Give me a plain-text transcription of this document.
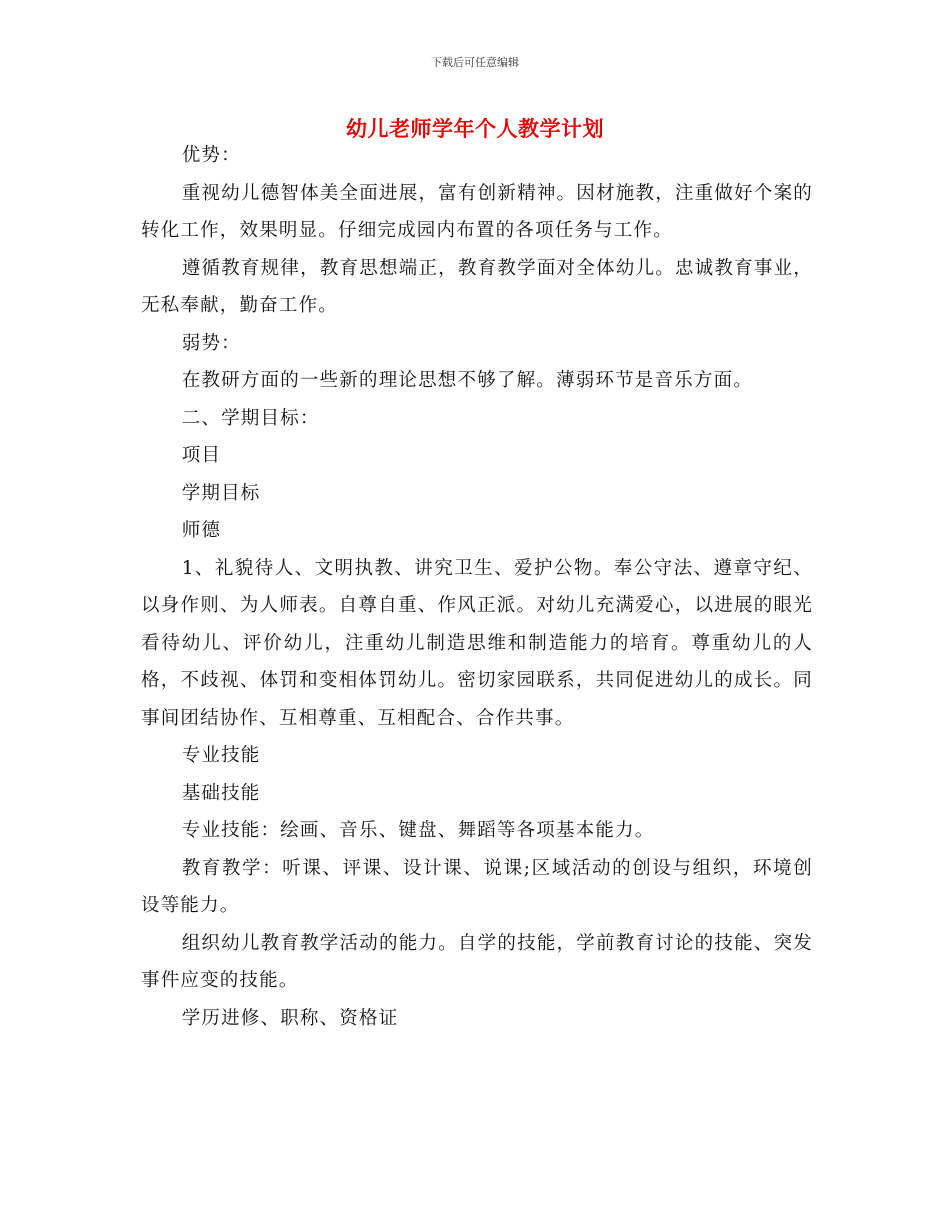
下载后可任意编辑
幼儿老师学年个人教学计划

优势：

重视幼儿德智体美全面进展，富有创新精神。因材施教，注重做好个案的转化工作，效果明显。仔细完成园内布置的各项任务与工作。

遵循教育规律，教育思想端正，教育教学面对全体幼儿。忠诚教育事业，无私奉献，勤奋工作。

弱势：

在教研方面的一些新的理论思想不够了解。薄弱环节是音乐方面。

二、学期目标：

项目

学期目标

师德

1、礼貌待人、文明执教、讲究卫生、爱护公物。奉公守法、遵章守纪、以身作则、为人师表。自尊自重、作风正派。对幼儿充满爱心，以进展的眼光看待幼儿、评价幼儿，注重幼儿制造思维和制造能力的培育。尊重幼儿的人格，不歧视、体罚和变相体罚幼儿。密切家园联系，共同促进幼儿的成长。同事间团结协作、互相尊重、互相配合、合作共事。

专业技能

基础技能

专业技能：绘画、音乐、键盘、舞蹈等各项基本能力。

教育教学：听课、评课、设计课、说课;区域活动的创设与组织，环境创设等能力。

组织幼儿教育教学活动的能力。自学的技能，学前教育讨论的技能、突发事件应变的技能。

学历进修、职称、资格证
